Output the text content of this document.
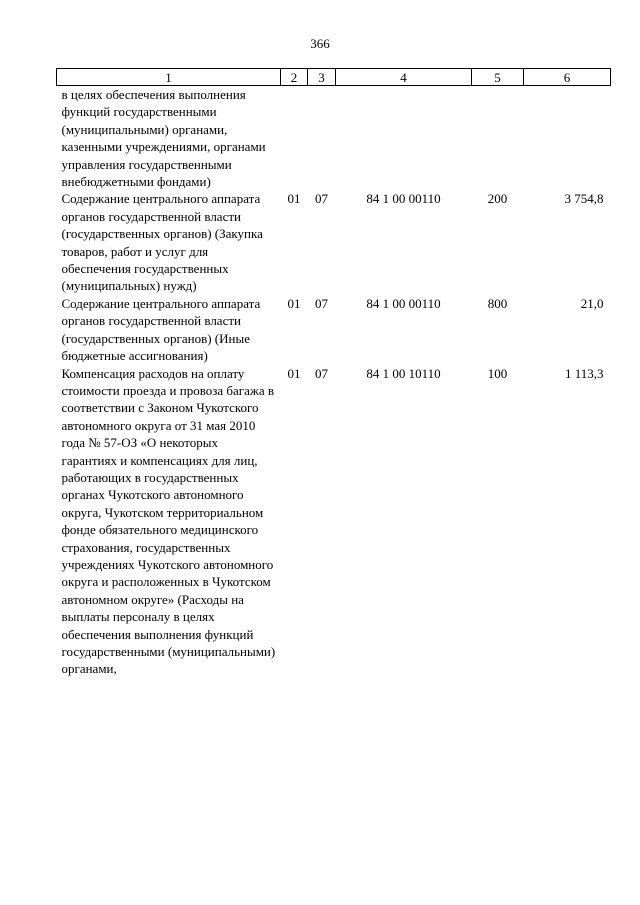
366
1	2	3	4	5	6
в целях обеспечения выполнения функций государственными (муниципальными) органами, казенными учреждениями, органами управления государственными внебюджетными фондами)					
Содержание центрального аппарата органов государственной власти (государственных органов) (Закупка товаров, работ и услуг для обеспечения государственных (муниципальных) нужд)	01	07	84 1 00 00110	200	3 754,8
Содержание центрального аппарата органов государственной власти (государственных органов) (Иные бюджетные ассигнования)	01	07	84 1 00 00110	800	21,0
Компенсация расходов на оплату стоимости проезда и провоза багажа в соответствии с Законом Чукотского автономного округа от 31 мая 2010 года № 57-ОЗ «О некоторых гарантиях и компенсациях для лиц, работающих в государственных органах Чукотского автономного округа, Чукотском территориальном фонде обязательного медицинского страхования, государственных учреждениях Чукотского автономного округа и расположенных в Чукотском автономном округе» (Расходы на выплаты персоналу в целях обеспечения выполнения функций государственными (муниципальными) органами,	01	07	84 1 00 10110	100	1 113,3
